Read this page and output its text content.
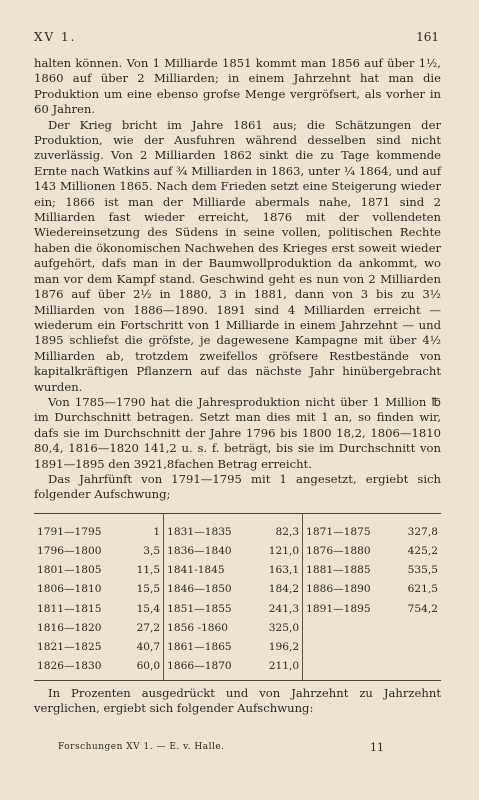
XV 1.	161

halten können. Von 1 Milliarde 1851 kommt man 1856 auf über 1½, 1860 auf über 2 Milliarden; in einem Jahrzehnt hat man die Produktion um eine ebenso grofse Menge vergröfsert, als vorher in 60 Jahren.

Der Krieg bricht im Jahre 1861 aus; die Schätzungen der Produktion, wie der Ausfuhren während desselben sind nicht zuverlässig. Von 2 Milliarden 1862 sinkt die zu Tage kommende Ernte nach Watkins auf ¾ Milliarden in 1863, unter ¼ 1864, und auf 143 Millionen 1865. Nach dem Frieden setzt eine Steigerung wieder ein; 1866 ist man der Milliarde abermals nahe, 1871 sind 2 Milliarden fast wieder erreicht, 1876 mit der vollendeten Wiedereinsetzung des Südens in seine vollen, politischen Rechte haben die ökonomischen Nachwehen des Krieges erst soweit wieder aufgehört, dafs man in der Baumwollproduktion da ankommt, wo man vor dem Kampf stand. Geschwind geht es nun von 2 Milliarden 1876 auf über 2½ in 1880, 3 in 1881, dann von 3 bis zu 3½ Milliarden von 1886—1890. 1891 sind 4 Milliarden erreicht — wiederum ein Fortschritt von 1 Milliarde in einem Jahrzehnt — und 1895 schliefst die gröfste, je dagewesene Kampagne mit über 4½ Milliarden ab, trotzdem zweifellos gröfsere Restbestände von kapitalkräftigen Pflanzern auf das nächste Jahr hinübergebracht wurden.

Von 1785—1790 hat die Jahresproduktion nicht über 1 Million ℔ im Durchschnitt betragen. Setzt man dies mit 1 an, so finden wir, dafs sie im Durchschnitt der Jahre 1796 bis 1800 18,2, 1806—1810 80,4, 1816—1820 141,2 u. s. f. beträgt, bis sie im Durchschnitt von 1891—1895 den 3921,8fachen Betrag erreicht.

Das Jahrfünft von 1791—1795 mit 1 angesetzt, ergiebt sich folgender Aufschwung;

1791—1795	1	1831—1835	82,3	1871—1875	327,8
1796—1800	3,5	1836—1840	121,0	1876—1880	425,2
1801—1805	11,5	1841-1845	163,1	1881—1885	535,5
1806—1810	15,5	1846—1850	184,2	1886—1890	621,5
1811—1815	15,4	1851—1855	241,3	1891—1895	754,2
1816—1820	27,2	1856 -1860	325,0		
1821—1825	40,7	1861—1865	196,2		
1826—1830	60,0	1866—1870	211,0		

In Prozenten ausgedrückt und von Jahrzehnt zu Jahrzehnt verglichen, ergiebt sich folgender Aufschwung:

Forschungen XV 1. — E. v. Halle.	11
